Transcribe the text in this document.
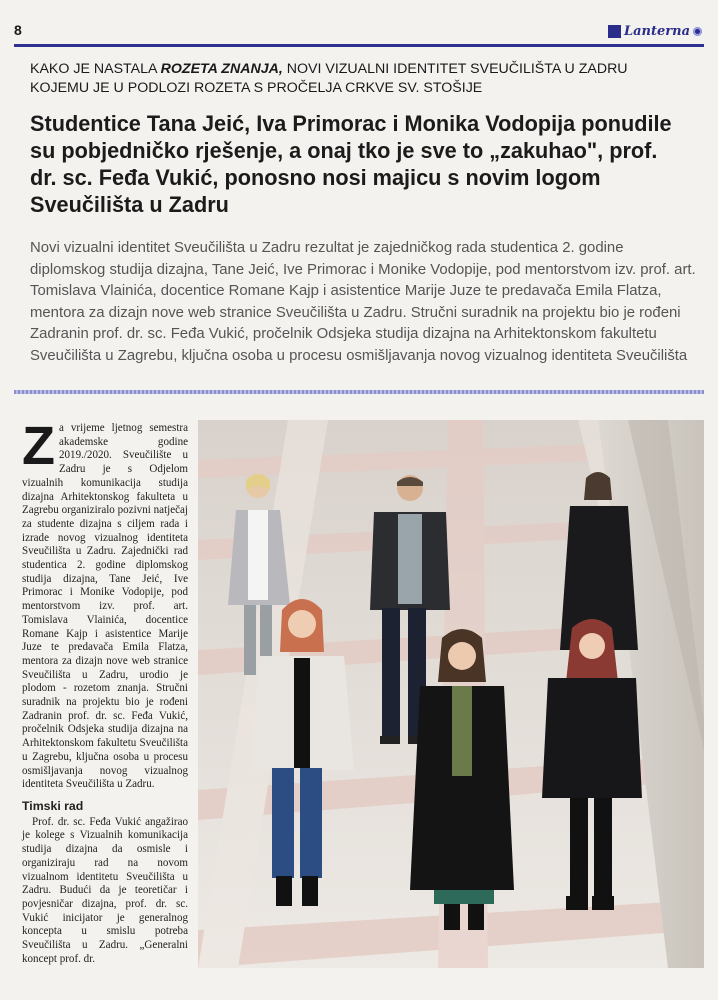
8	Lanterna
KAKO JE NASTALA ROZETA ZNANJA, NOVI VIZUALNI IDENTITET SVEUČILIŠTA U ZADRU
KOJEMU JE U PODLOZI ROZETA S PROČELJA CRKVE SV. STOŠIJE
Studentice Tana Jeić, Iva Primorac i Monika Vodopija ponudile su pobjedničko rješenje, a onaj tko je sve to „zakuhao", prof. dr. sc. Fеđa Vukić, ponosno nosi majicu s novim logom Sveučilišta u Zadru

Novi vizualni identitet Sveučilišta u Zadru rezultat je zajedničkog rada studentica 2. godine diplomskog studija dizajna, Tane Jeić, Ive Primorac i Monike Vodopije, pod mentorstvom izv. prof. art. Tomislava Vlainića, docentice Romane Kajp i asistentice Marije Juze te predavača Emila Flatza, mentora za dizajn nove web stranice Sveučilišta u Zadru. Stručni suradnik na projektu bio je rođeni Zadranin prof. dr. sc. Feđa Vukić, pročelnik Odsjeka studija dizajna na Arhitektonskom fakultetu Sveučilišta u Zagrebu, ključna osoba u procesu osmišljavanja novog vizualnog identiteta Sveučilišta

Za vrijeme ljetnog semestra akademske godine 2019./2020. Sveučilište u Zadru je s Odjelom vizualnih komunikacija studija dizajna Arhitektonskog fakulteta u Zagrebu organiziralo pozivni natječaj za studente dizajna s ciljem rada i izrade novog vizualnog identiteta Sveučilišta u Zadru. Zajednički rad studentica 2. godine diplomskog studija dizajna, Tane Jeić, Ive Primorac i Monike Vodopije, pod mentorstvom izv. prof. art. Tomislava Vlainića, docentice Romane Kajp i asistentice Marije Juze te predavača Emila Flatza, mentora za dizajn nove web stranice Sveučilišta u Zadru, urodio je plodom - rozetom znanja. Stručni suradnik na projektu bio je rođeni Zadranin prof. dr. sc. Feđa Vukić, pročelnik Odsjeka studija dizajna na Arhitektonskom fakultetu Sveučilišta u Zagrebu, ključna osoba u procesu osmišljavanja novog vizualnog identiteta Sveučilišta u Zadru.

Timski rad

Prof. dr. sc. Feđa Vukić angažirao je kolege s Vizualnih komunikacija studija dizajna da osmisle i organiziraju rad na novom vizualnom identitetu Sveučilišta u Zadru. Budući da je teoretičar i povjesničar dizajna, prof. dr. sc. Vukić inicijator je generalnog koncepta u smislu potreba Sveučilišta u Zadru. „Generalni koncept prof. dr.
